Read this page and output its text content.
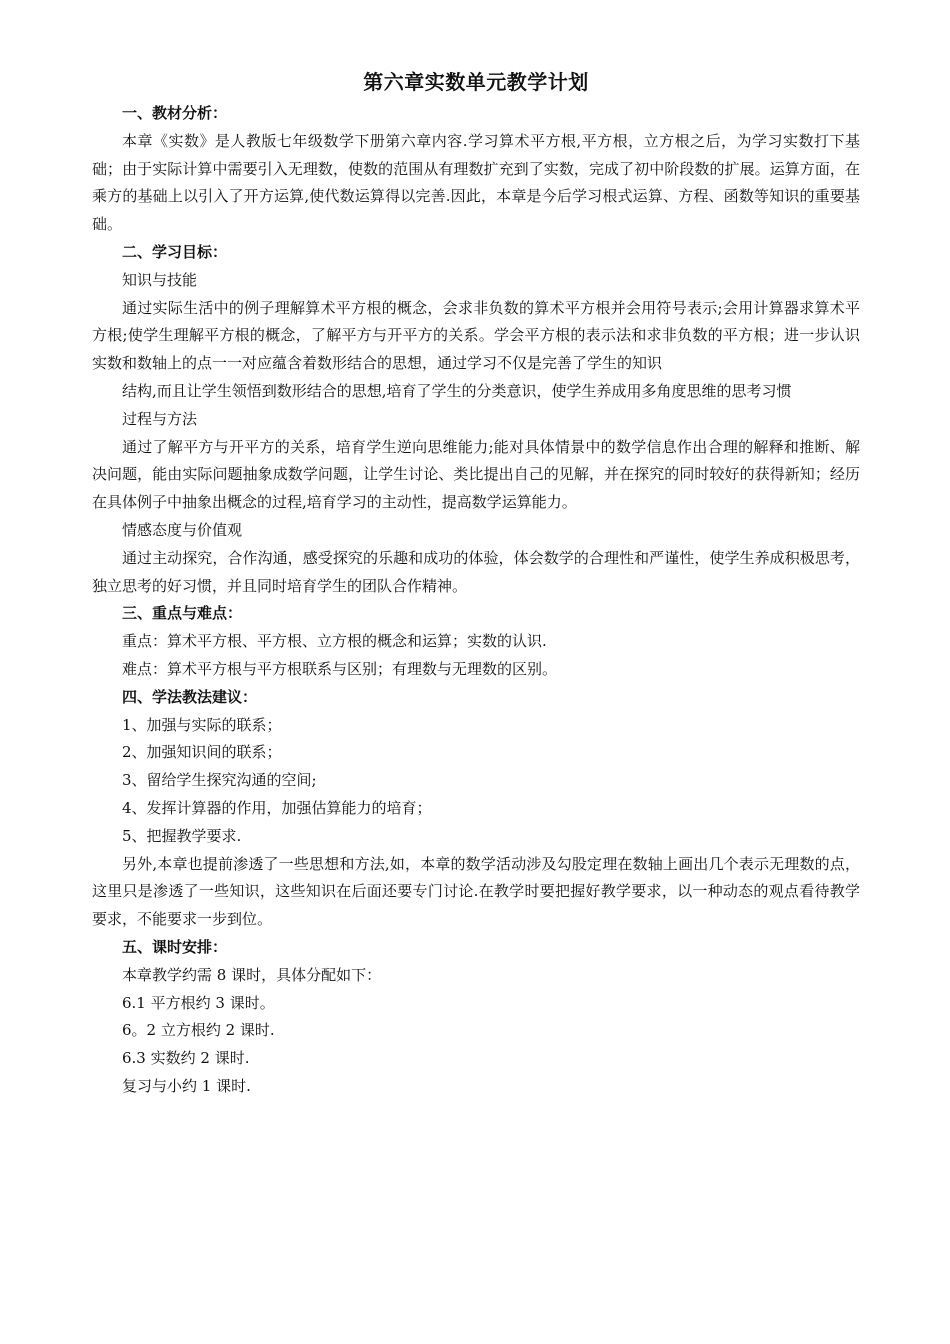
第六章实数单元教学计划

一、教材分析：

本章《实数》是人教版七年级数学下册第六章内容.学习算术平方根,平方根，立方根之后，为学习实数打下基础；由于实际计算中需要引入无理数，使数的范围从有理数扩充到了实数，完成了初中阶段数的扩展。运算方面，在乘方的基础上以引入了开方运算,使代数运算得以完善.因此，本章是今后学习根式运算、方程、函数等知识的重要基础。

二、学习目标：

知识与技能

通过实际生活中的例子理解算术平方根的概念，会求非负数的算术平方根并会用符号表示;会用计算器求算术平方根;使学生理解平方根的概念，了解平方与开平方的关系。学会平方根的表示法和求非负数的平方根；进一步认识实数和数轴上的点一一对应蕴含着数形结合的思想，通过学习不仅是完善了学生的知识

结构,而且让学生领悟到数形结合的思想,培育了学生的分类意识，使学生养成用多角度思维的思考习惯

过程与方法

通过了解平方与开平方的关系，培育学生逆向思维能力;能对具体情景中的数学信息作出合理的解释和推断、解决问题，能由实际问题抽象成数学问题，让学生讨论、类比提出自己的见解，并在探究的同时较好的获得新知；经历在具体例子中抽象出概念的过程,培育学习的主动性，提高数学运算能力。

情感态度与价值观

通过主动探究，合作沟通，感受探究的乐趣和成功的体验，体会数学的合理性和严谨性，使学生养成积极思考，独立思考的好习惯，并且同时培育学生的团队合作精神。

三、重点与难点：

重点：算术平方根、平方根、立方根的概念和运算；实数的认识.

难点：算术平方根与平方根联系与区别；有理数与无理数的区别。

四、学法教法建议：

1、加强与实际的联系；

2、加强知识间的联系；

3、留给学生探究沟通的空间;

4、发挥计算器的作用，加强估算能力的培育；

5、把握教学要求.

另外,本章也提前渗透了一些思想和方法,如，本章的数学活动涉及勾股定理在数轴上画出几个表示无理数的点，这里只是渗透了一些知识，这些知识在后面还要专门讨论.在教学时要把握好教学要求，以一种动态的观点看待教学要求，不能要求一步到位。

五、课时安排：

本章教学约需 8 课时，具体分配如下：

6.1 平方根约 3 课时。

6。2 立方根约 2 课时.

6.3 实数约 2 课时.

复习与小约 1 课时.
